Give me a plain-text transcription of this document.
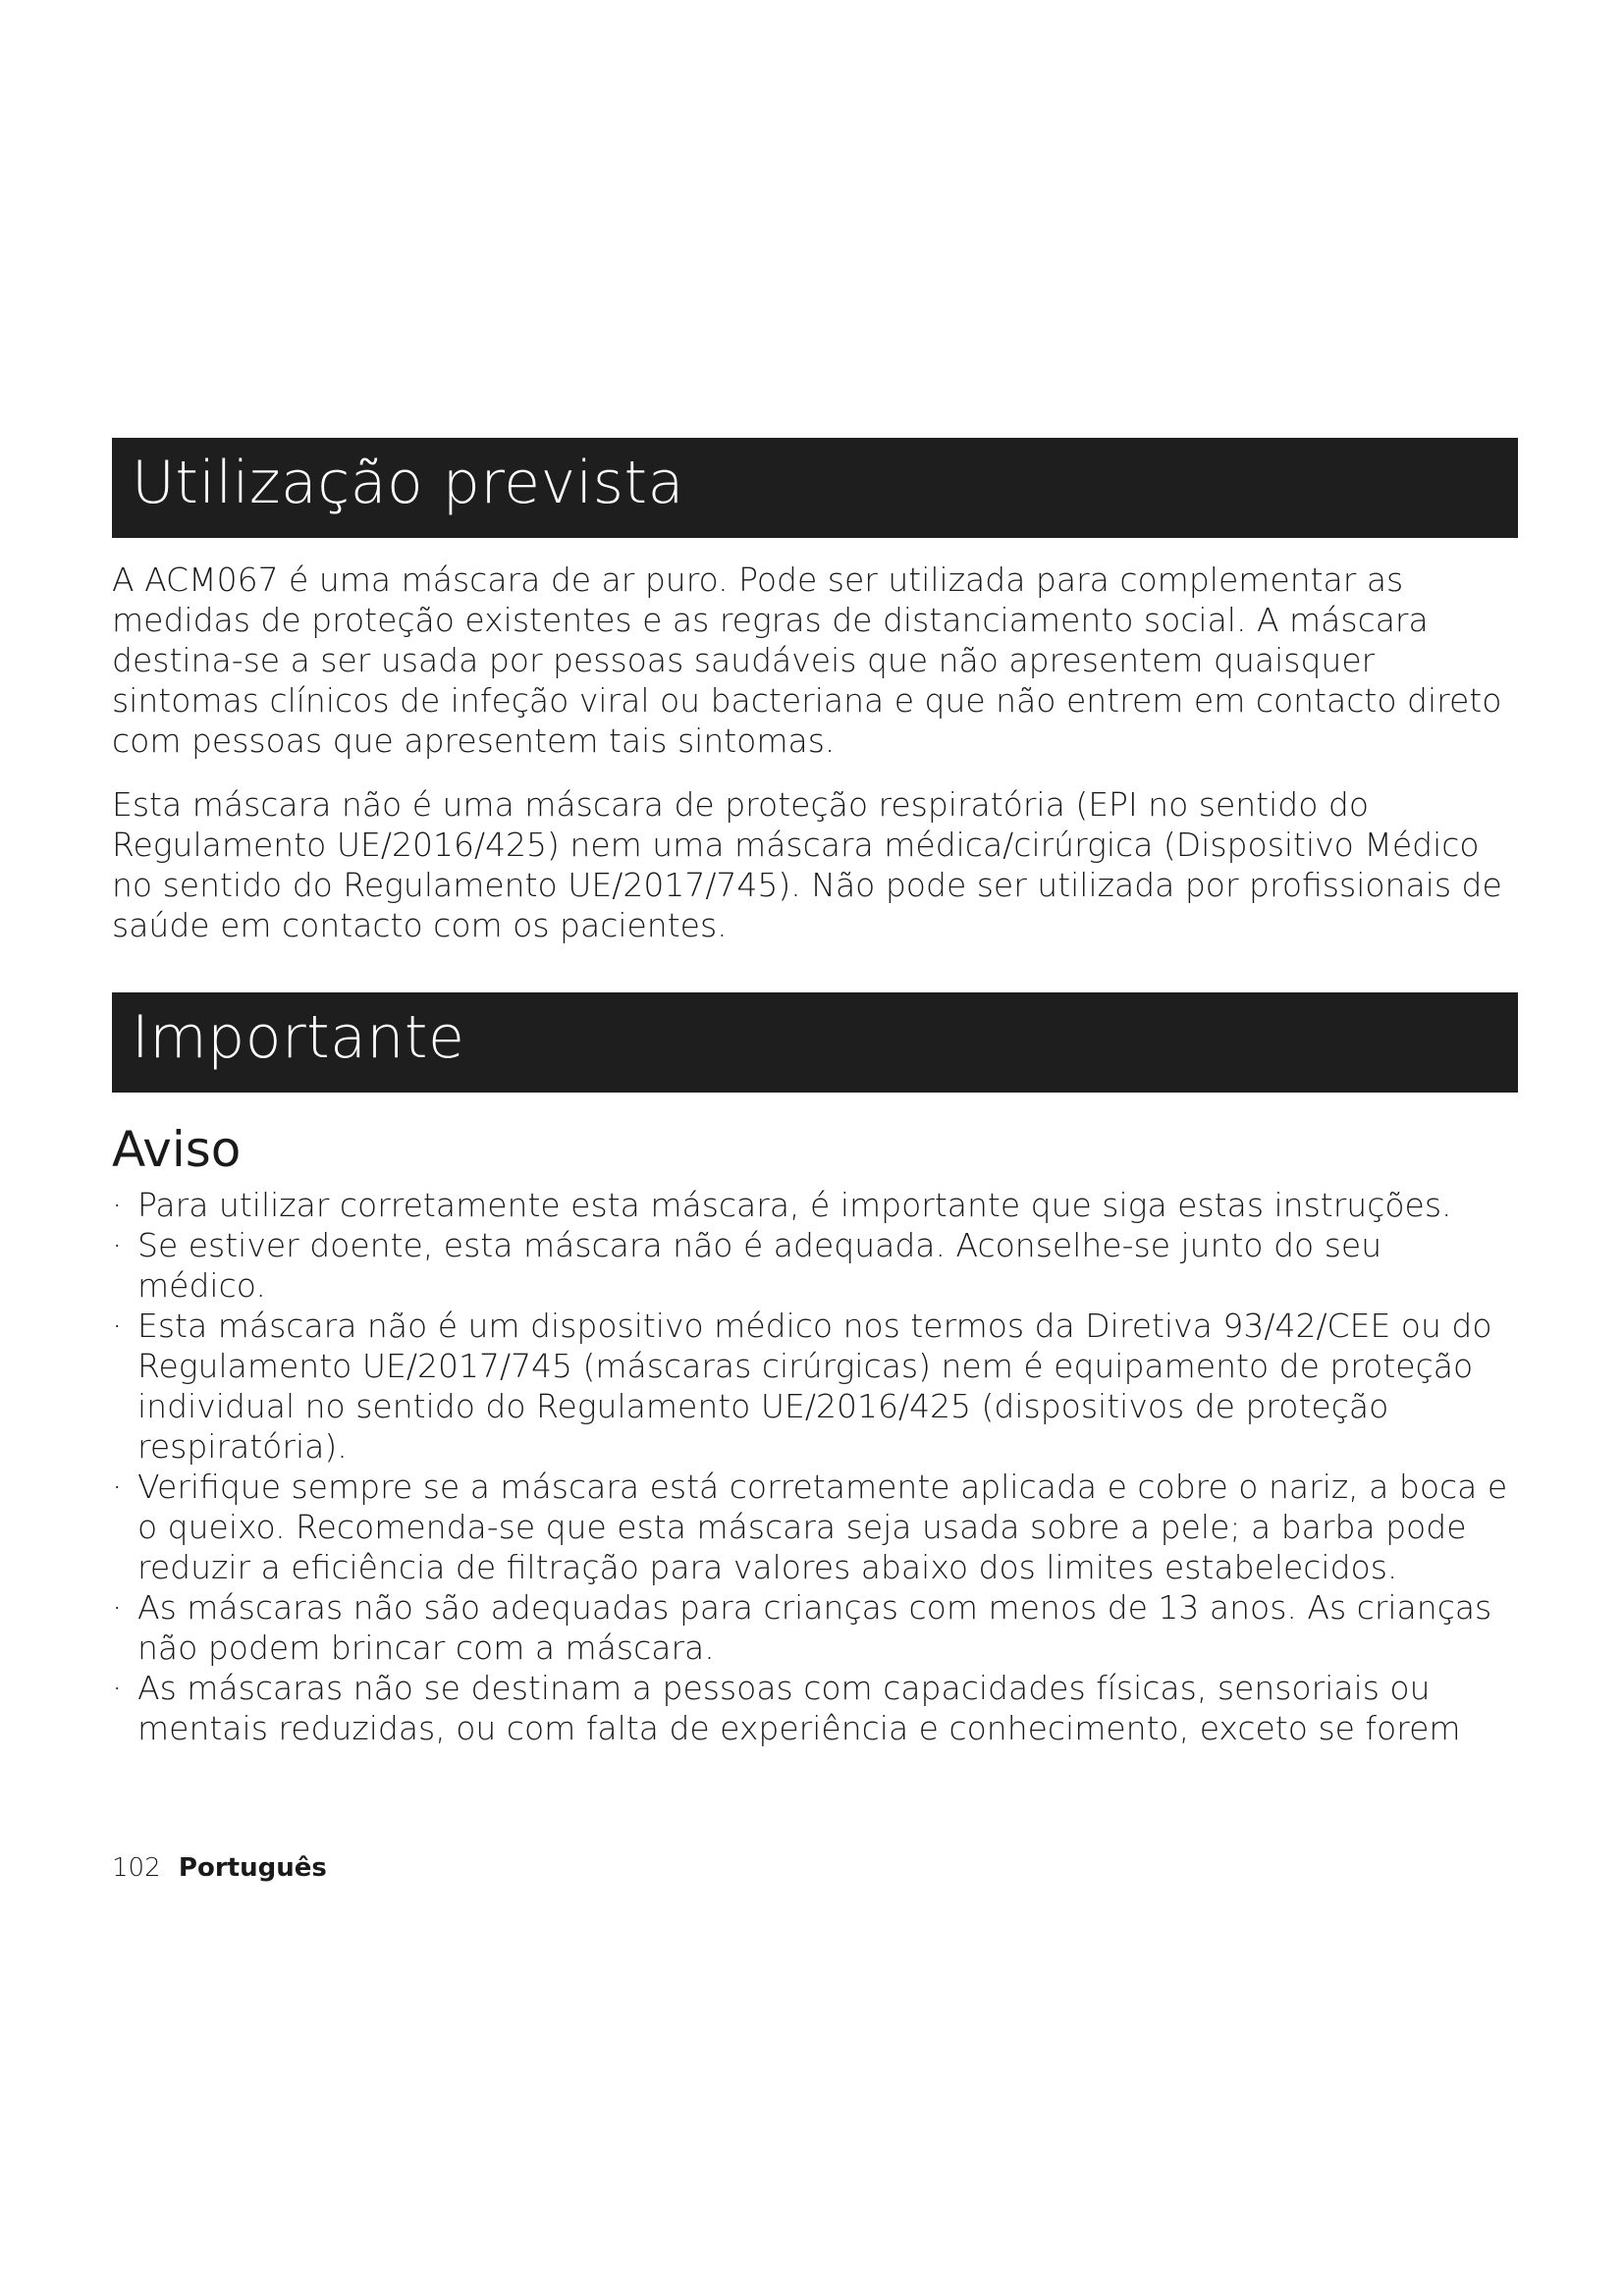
Utilização prevista

A ACM067 é uma máscara de ar puro. Pode ser utilizada para complementar as medidas de proteção existentes e as regras de distanciamento social. A máscara destina-se a ser usada por pessoas saudáveis que não apresentem quaisquer sintomas clínicos de infeção viral ou bacteriana e que não entrem em contacto direto com pessoas que apresentem tais sintomas.

Esta máscara não é uma máscara de proteção respiratória (EPI no sentido do Regulamento UE/2016/425) nem uma máscara médica/cirúrgica (Dispositivo Médico no sentido do Regulamento UE/2017/745). Não pode ser utilizada por profissionais de saúde em contacto com os pacientes.

Importante
Aviso
· Para utilizar corretamente esta máscara, é importante que siga estas instruções.
· Se estiver doente, esta máscara não é adequada. Aconselhe-se junto do seu médico.
· Esta máscara não é um dispositivo médico nos termos da Diretiva 93/42/CEE ou do Regulamento UE/2017/745 (máscaras cirúrgicas) nem é equipamento de proteção individual no sentido do Regulamento UE/2016/425 (dispositivos de proteção respiratória).
· Verifique sempre se a máscara está corretamente aplicada e cobre o nariz, a boca e o queixo. Recomenda-se que esta máscara seja usada sobre a pele; a barba pode reduzir a eficiência de filtração para valores abaixo dos limites estabelecidos.
· As máscaras não são adequadas para crianças com menos de 13 anos. As crianças não podem brincar com a máscara.
· As máscaras não se destinam a pessoas com capacidades físicas, sensoriais ou mentais reduzidas, ou com falta de experiência e conhecimento, exceto se forem
102 Português
